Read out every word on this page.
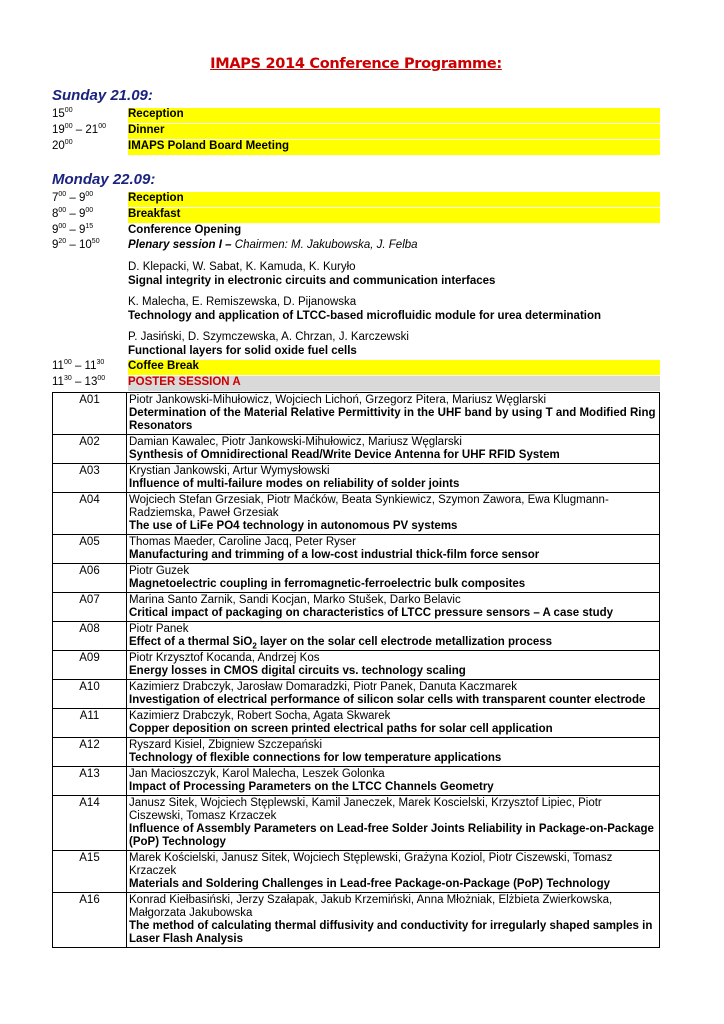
IMAPS 2014 Conference Programme:
Sunday 21.09:
$15^{00}$	Reception
$19^{00} - 21^{00}$ Dinner
$20^{00}$	IMAPS Poland Board Meeting
Monday 22.09:
$7^{00} - 9^{00}$	Reception
$8^{00} - 9^{00}$	Breakfast
$9^{00} - 9^{15}$	Conference Opening
$9^{20} - 10^{50}$ Plenary session I – Chairmen: M. Jakubowska, J. Felba
D. Klepacki, W. Sabat, K. Kamuda, K. Kuryło
Signal integrity in electronic circuits and communication interfaces
K. Malecha, E. Remiszewska, D. Pijanowska
Technology and application of LTCC-based microfluidic module for urea determination
P. Jasiński, D. Szymczewska, A. Chrzan, J. Karczewski
Functional layers for solid oxide fuel cells
$11^{00} - 11^{30}$ Coffee Break
$11^{30} - 13^{00}$ POSTER SESSION A
A01	Piotr Jankowski-Mihułowicz, Wojciech Lichoń, Grzegorz Pitera, Mariusz Węglarski
Determination of the Material Relative Permittivity in the UHF band by using T and Modified Ring Resonators

A02	Damian Kawalec, Piotr Jankowski-Mihułowicz, Mariusz Węglarski
Synthesis of Omnidirectional Read/Write Device Antenna for UHF RFID System

A03	Krystian Jankowski, Artur Wymysłowski
Influence of multi-failure modes on reliability of solder joints

A04	Wojciech Stefan Grzesiak, Piotr Maćków, Beata Synkiewicz, Szymon Zawora, Ewa Klugmann-Radziemska, Paweł Grzesiak
The use of LiFe PO4 technology in autonomous PV systems

A05	Thomas Maeder, Caroline Jacq, Peter Ryser
Manufacturing and trimming of a low-cost industrial thick-film force sensor

A06	Piotr Guzek
Magnetoelectric coupling in ferromagnetic-ferroelectric bulk composites

A07	Marina Santo Zarnik, Sandi Kocjan, Marko Stušek, Darko Belavic
Critical impact of packaging on characteristics of LTCC pressure sensors – A case study

A08	Piotr Panek
Effect of a thermal SiO$_2$ layer on the solar cell electrode metallization process

A09	Piotr Krzysztof Kocanda, Andrzej Kos
Energy losses in CMOS digital circuits vs. technology scaling

A10	Kazimierz Drabczyk, Jarosław Domaradzki, Piotr Panek, Danuta Kaczmarek
Investigation of electrical performance of silicon solar cells with transparent counter electrode

A11	Kazimierz Drabczyk, Robert Socha, Agata Skwarek
Copper deposition on screen printed electrical paths for solar cell application

A12	Ryszard Kisiel, Zbigniew Szczepański
Technology of flexible connections for low temperature applications

A13	Jan Macioszczyk, Karol Malecha, Leszek Golonka
Impact of Processing Parameters on the LTCC Channels Geometry

A14	Janusz Sitek, Wojciech Stęplewski, Kamil Janeczek, Marek Koscielski, Krzysztof Lipiec, Piotr Ciszewski, Tomasz Krzaczek
Influence of Assembly Parameters on Lead-free Solder Joints Reliability in Package-on-Package (PoP) Technology

A15	Marek Kościelski, Janusz Sitek, Wojciech Stęplewski, Grażyna Koziol, Piotr Ciszewski, Tomasz Krzaczek
Materials and Soldering Challenges in Lead-free Package-on-Package (PoP) Technology

A16	Konrad Kiełbasiński, Jerzy Szałapak, Jakub Krzemiński, Anna Młożniak, Elżbieta Zwierkowska, Małgorzata Jakubowska
The method of calculating thermal diffusivity and conductivity for irregularly shaped samples in Laser Flash Analysis
